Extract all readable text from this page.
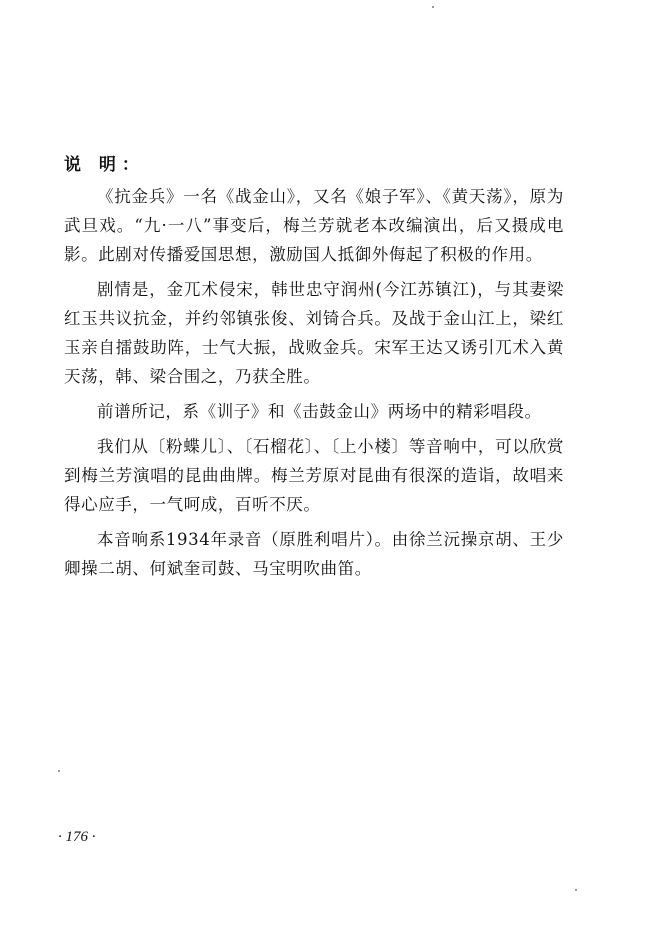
说 明：

《抗金兵》一名《战金山》，又名《娘子军》、《黄天荡》，原为武旦戏。“九·一八”事变后，梅兰芳就老本改编演出，后又摄成电影。此剧对传播爱国思想，激励国人抵御外侮起了积极的作用。

剧情是，金兀术侵宋，韩世忠守润州(今江苏镇江)，与其妻梁红玉共议抗金，并约邻镇张俊、刘锜合兵。及战于金山江上，梁红玉亲自擂鼓助阵，士气大振，战败金兵。宋军王达又诱引兀术入黄天荡，韩、梁合围之，乃获全胜。

前谱所记，系《训子》和《击鼓金山》两场中的精彩唱段。

我们从〔粉蝶儿〕、〔石榴花〕、〔上小楼〕等音响中，可以欣赏到梅兰芳演唱的昆曲曲牌。梅兰芳原对昆曲有很深的造诣，故唱来得心应手，一气呵成，百听不厌。

本音响系1934年录音（原胜利唱片）。由徐兰沅操京胡、王少卿操二胡、何斌奎司鼓、马宝明吹曲笛。

· 176 ·
